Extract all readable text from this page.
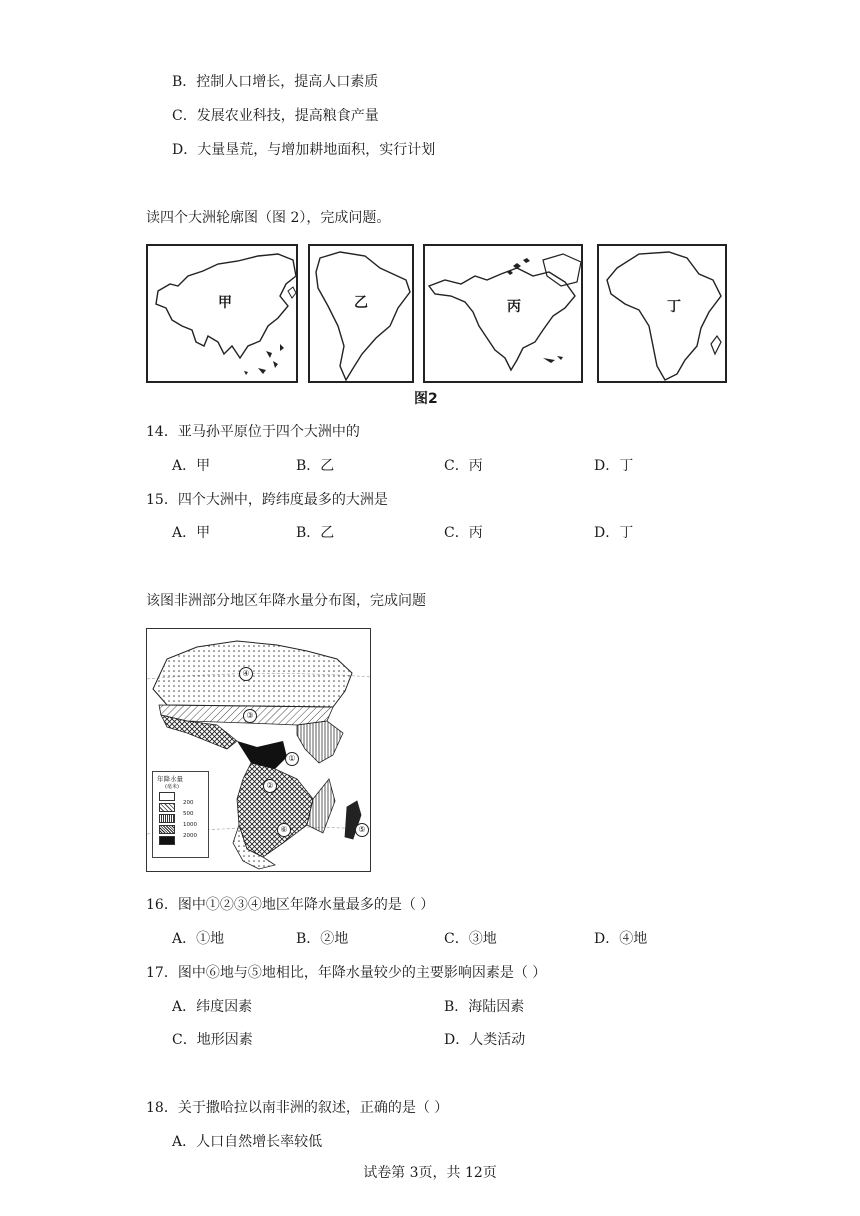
B．控制人口增长，提高人口素质
C．发展农业科技，提高粮食产量
D．大量垦荒，与增加耕地面积，实行计划
读四个大洲轮廓图（图 2），完成问题。
甲	乙	丙	丁
图2
14．亚马孙平原位于四个大洲中的
A．甲	B．乙	C．丙	D．丁
15．四个大洲中，跨纬度最多的大洲是
A．甲	B．乙	C．丙	D．丁
该图非洲部分地区年降水量分布图，完成问题
④
③
①
②
⑥	⑤
年降水量
(毫米)
200
500
1000
2000
16．图中①②③④地区年降水量最多的是（ ）
A．①地	B．②地	C．③地	D．④地
17．图中⑥地与⑤地相比，年降水量较少的主要影响因素是（ ）
A．纬度因素	B．海陆因素
C．地形因素	D．人类活动
18．关于撒哈拉以南非洲的叙述，正确的是（ ）
A．人口自然增长率较低
试卷第 3页，共 12页
